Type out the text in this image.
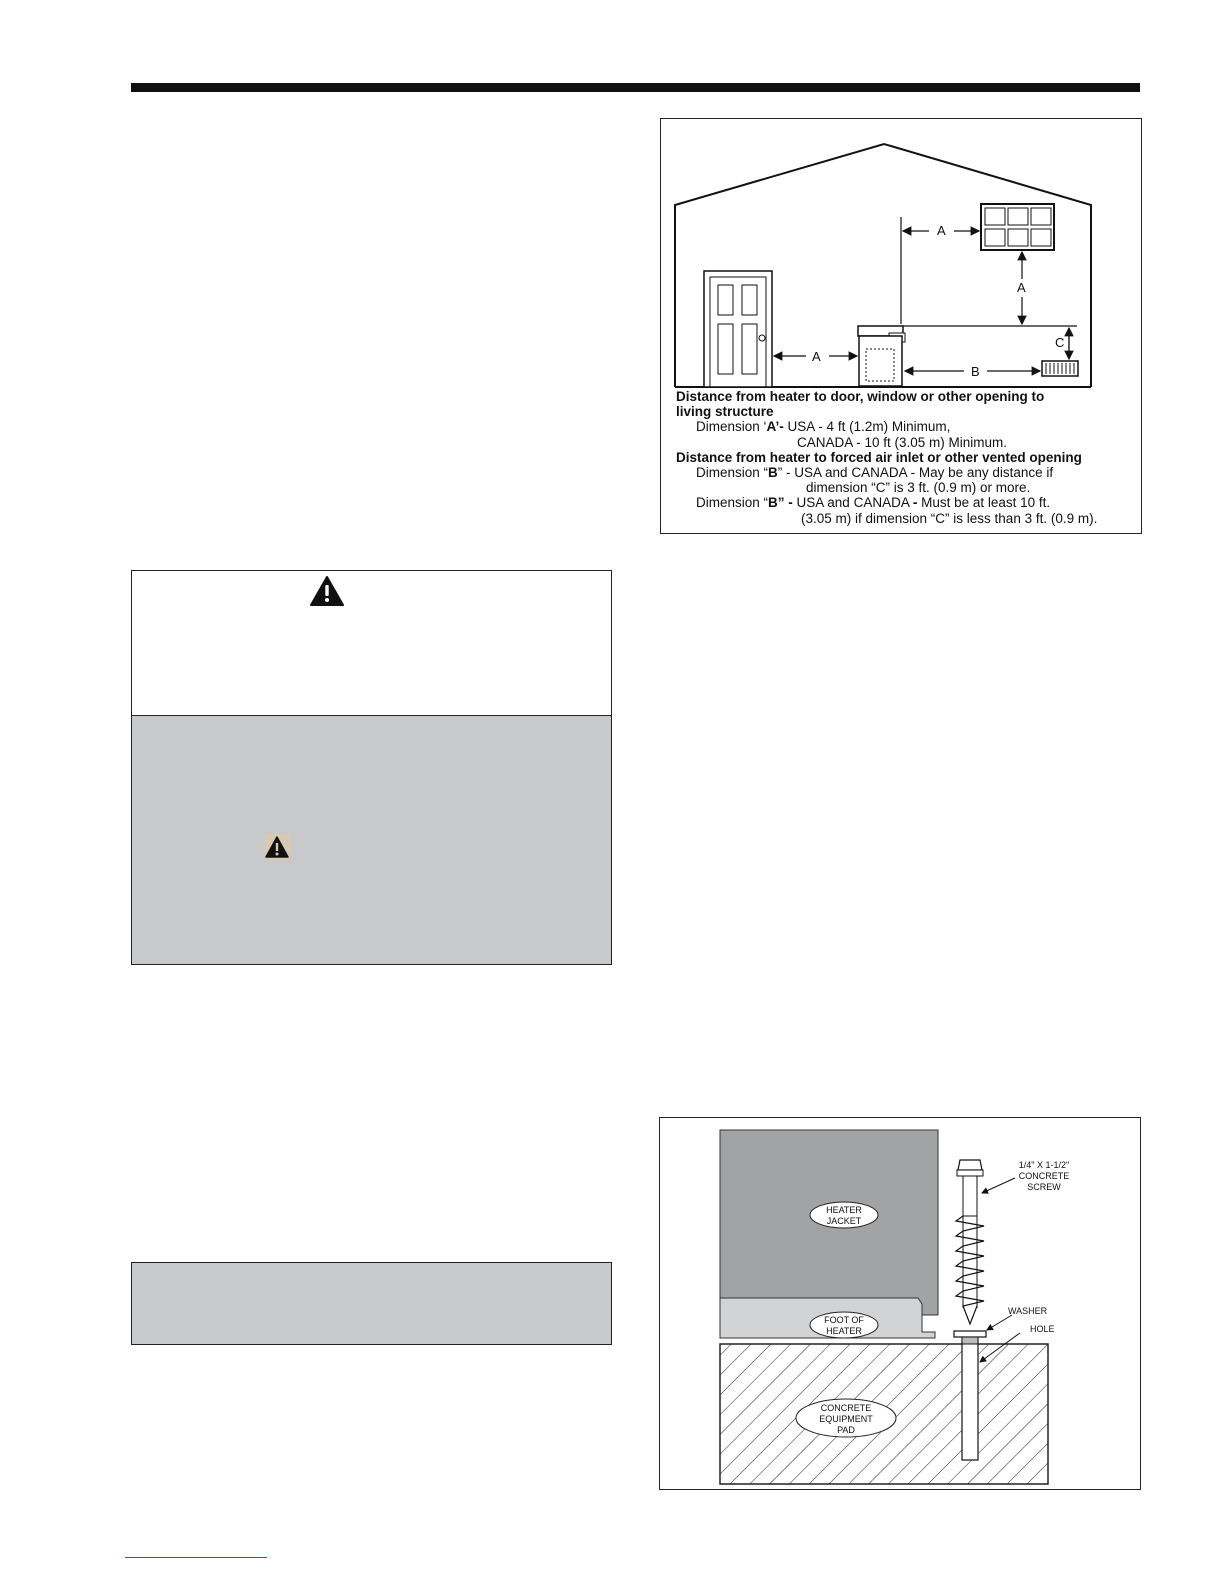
A
A
A
B
C
Distance from heater to door, window or other opening to
living structure
Dimension ‘A’- USA - 4 ft (1.2m) Minimum,
CANADA - 10 ft (3.05 m) Minimum.
Distance from heater to forced air inlet or other vented opening
Dimension “B” - USA and CANADA - May be any distance if
dimension “C” is 3 ft. (0.9 m) or more.
Dimension “B” - USA and CANADA - Must be at least 10 ft.
(3.05 m) if dimension “C” is less than 3 ft. (0.9 m).
1/4" X 1-1/2"
CONCRETE
SCREW
HEATER
JACKET
FOOT OF
HEATER
WASHER
HOLE
CONCRETE
EQUIPMENT
PAD
